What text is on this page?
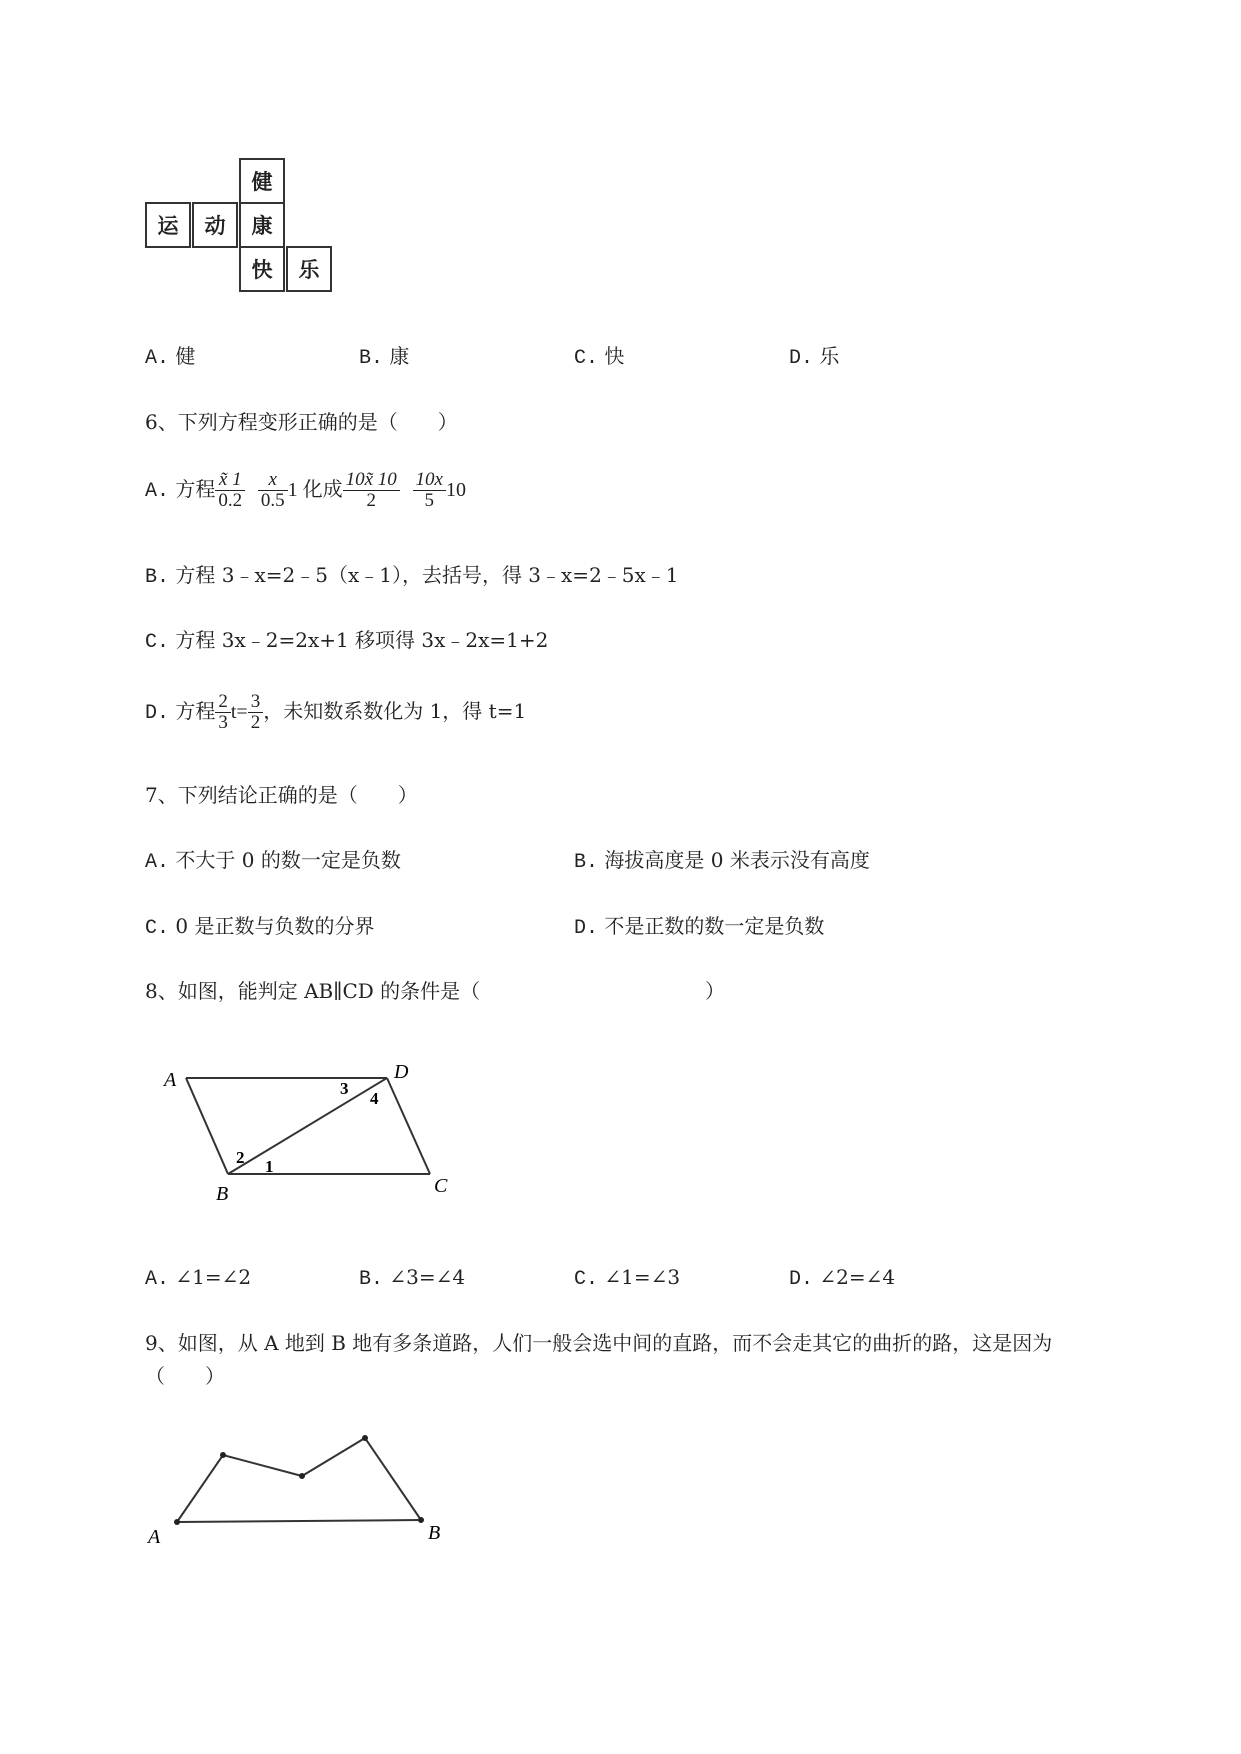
健
运	动	康
快	乐
A. 健	B. 康	C. 快	D. 乐
6、下列方程变形正确的是（　　）
A. 方程 $\frac{x̃ 1}{0.2}$
$\frac{x}{0.5} 1$ 化成 $\frac{10x̃ 10}{2}$
$\frac{10x}{5} 10$
B. 方程 3﹣x=2﹣5（x﹣1），去括号，得 3﹣x=2﹣5x﹣1
C. 方程 3x﹣2=2x+1 移项得 3x﹣2x=1+2
D. 方程 $\frac{2}{3} t= \frac{3}{2}$ ，未知数系数化为 1，得 t=1
7、下列结论正确的是（　　）
A. 不大于 0 的数一定是负数	B. 海拔高度是 0 米表示没有高度
C. 0 是正数与负数的分界	D. 不是正数的数一定是负数
8、如图，能判定 AB∥CD 的条件是（	）
A	D
B	C
1
2
3
4
A. ∠1=∠2	B. ∠3=∠4	C. ∠1=∠3	D. ∠2=∠4
9、如图，从 A 地到 B 地有多条道路，人们一般会选中间的直路，而不会走其它的曲折的路，这是因为
（　　）
A	B
